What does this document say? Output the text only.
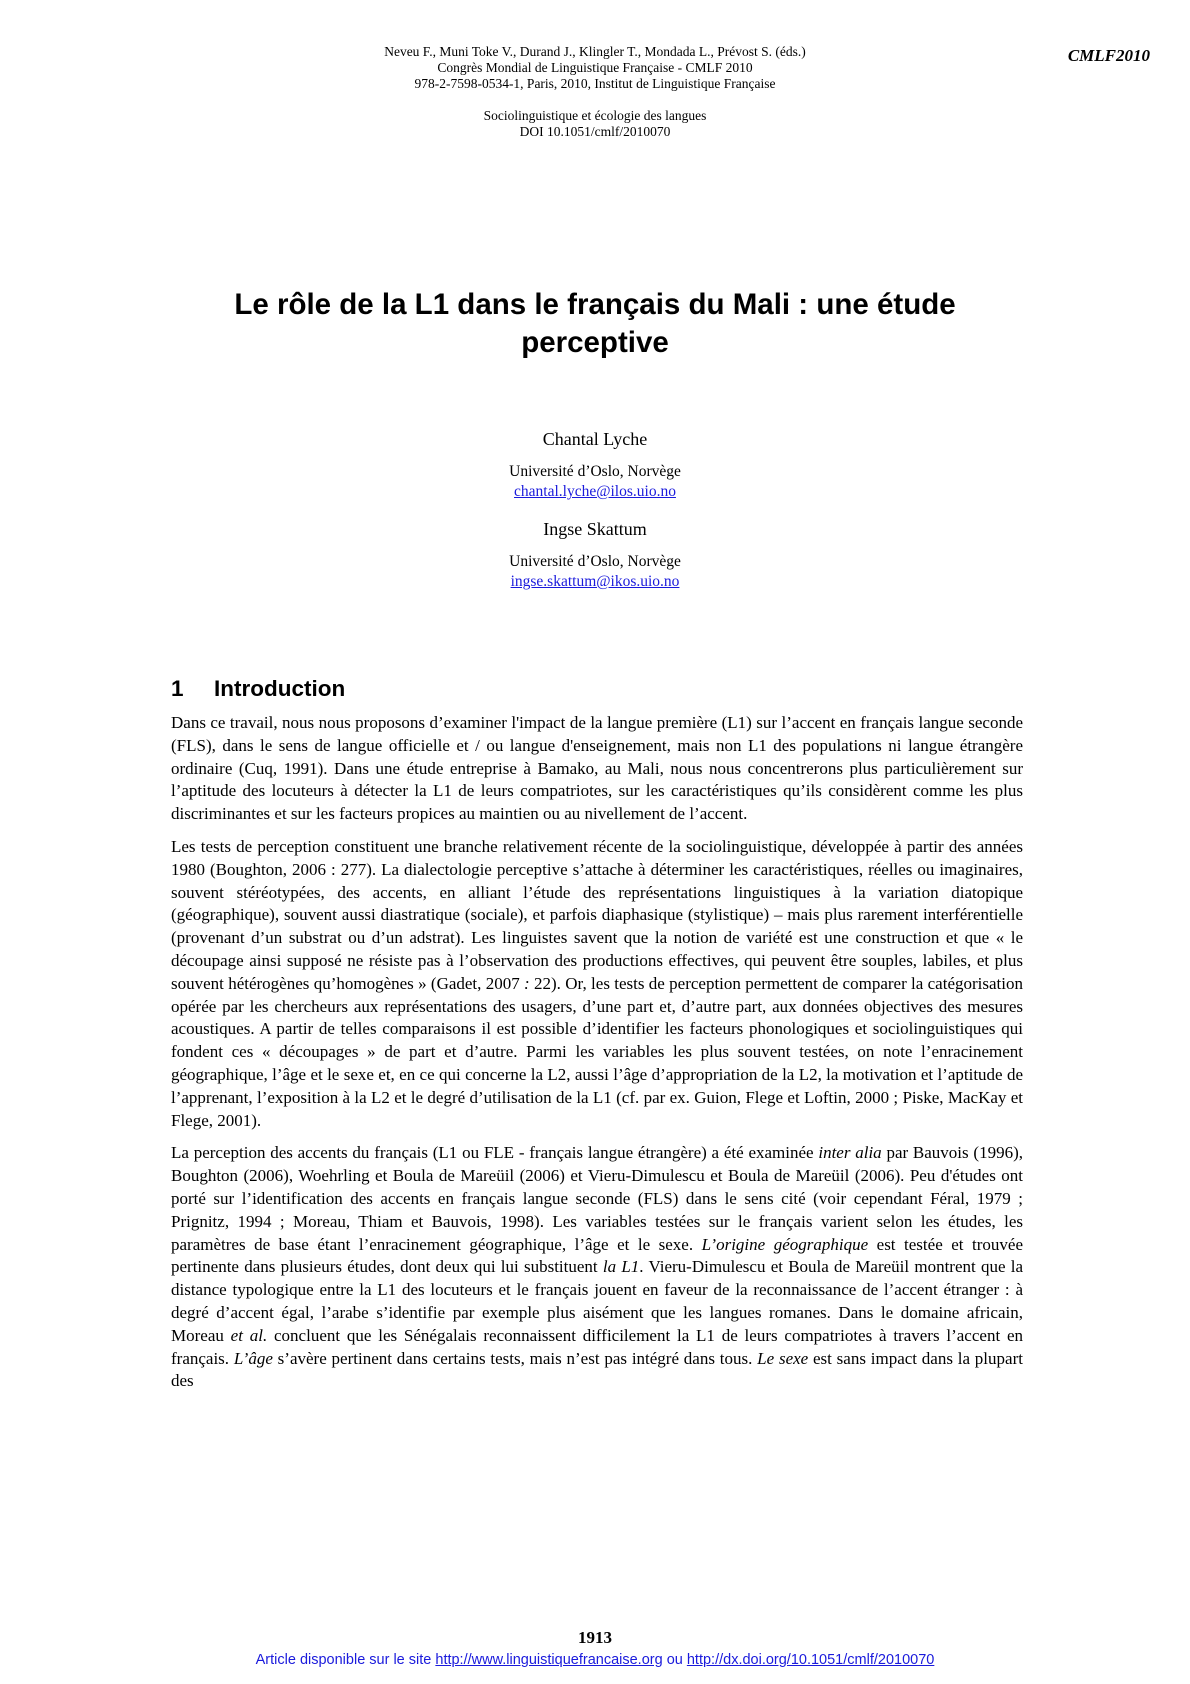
Neveu F., Muni Toke V., Durand J., Klingler T., Mondada L., Prévost S. (éds.)
Congrès Mondial de Linguistique Française - CMLF 2010
978-2-7598-0534-1, Paris, 2010, Institut de Linguistique Française
Sociolinguistique et écologie des langues
DOI 10.1051/cmlf/2010070
CMLF2010
Le rôle de la L1 dans le français du Mali : une étude
perceptive
Chantal Lyche
Université d’Oslo, Norvège
chantal.lyche@ilos.uio.no
Ingse Skattum
Université d’Oslo, Norvège
ingse.skattum@ikos.uio.no
1 Introduction

Dans ce travail, nous nous proposons d’examiner l'impact de la langue première (L1) sur l’accent en français langue seconde (FLS), dans le sens de langue officielle et / ou langue d'enseignement, mais non L1 des populations ni langue étrangère ordinaire (Cuq, 1991). Dans une étude entreprise à Bamako, au Mali, nous nous concentrerons plus particulièrement sur l’aptitude des locuteurs à détecter la L1 de leurs compatriotes, sur les caractéristiques qu’ils considèrent comme les plus discriminantes et sur les facteurs propices au maintien ou au nivellement de l’accent.

Les tests de perception constituent une branche relativement récente de la sociolinguistique, développée à partir des années 1980 (Boughton, 2006 : 277). La dialectologie perceptive s’attache à déterminer les caractéristiques, réelles ou imaginaires, souvent stéréotypées, des accents, en alliant l’étude des représentations linguistiques à la variation diatopique (géographique), souvent aussi diastratique (sociale), et parfois diaphasique (stylistique) – mais plus rarement interférentielle (provenant d’un substrat ou d’un adstrat). Les linguistes savent que la notion de variété est une construction et que « le découpage ainsi supposé ne résiste pas à l’observation des productions effectives, qui peuvent être souples, labiles, et plus souvent hétérogènes qu’homogènes » (Gadet, 2007 : 22). Or, les tests de perception permettent de comparer la catégorisation opérée par les chercheurs aux représentations des usagers, d’une part et, d’autre part, aux données objectives des mesures acoustiques. A partir de telles comparaisons il est possible d’identifier les facteurs phonologiques et sociolinguistiques qui fondent ces « découpages » de part et d’autre. Parmi les variables les plus souvent testées, on note l’enracinement géographique, l’âge et le sexe et, en ce qui concerne la L2, aussi l’âge d’appropriation de la L2, la motivation et l’aptitude de l’apprenant, l’exposition à la L2 et le degré d’utilisation de la L1 (cf. par ex. Guion, Flege et Loftin, 2000 ; Piske, MacKay et Flege, 2001).

La perception des accents du français (L1 ou FLE - français langue étrangère) a été examinée inter alia par Bauvois (1996), Boughton (2006), Woehrling et Boula de Mareüil (2006) et Vieru-Dimulescu et Boula de Mareüil (2006). Peu d'études ont porté sur l’identification des accents en français langue seconde (FLS) dans le sens cité (voir cependant Féral, 1979 ; Prignitz, 1994 ; Moreau, Thiam et Bauvois, 1998). Les variables testées sur le français varient selon les études, les paramètres de base étant l’enracinement géographique, l’âge et le sexe. L’origine géographique est testée et trouvée pertinente dans plusieurs études, dont deux qui lui substituent la L1. Vieru-Dimulescu et Boula de Mareüil montrent que la distance typologique entre la L1 des locuteurs et le français jouent en faveur de la reconnaissance de l’accent étranger : à degré d’accent égal, l’arabe s’identifie par exemple plus aisément que les langues romanes. Dans le domaine africain, Moreau et al. concluent que les Sénégalais reconnaissent difficilement la L1 de leurs compatriotes à travers l’accent en français. L’âge s’avère pertinent dans certains tests, mais n’est pas intégré dans tous. Le sexe est sans impact dans la plupart des

1913
Article disponible sur le site http://www.linguistiquefrancaise.org ou http://dx.doi.org/10.1051/cmlf/2010070
